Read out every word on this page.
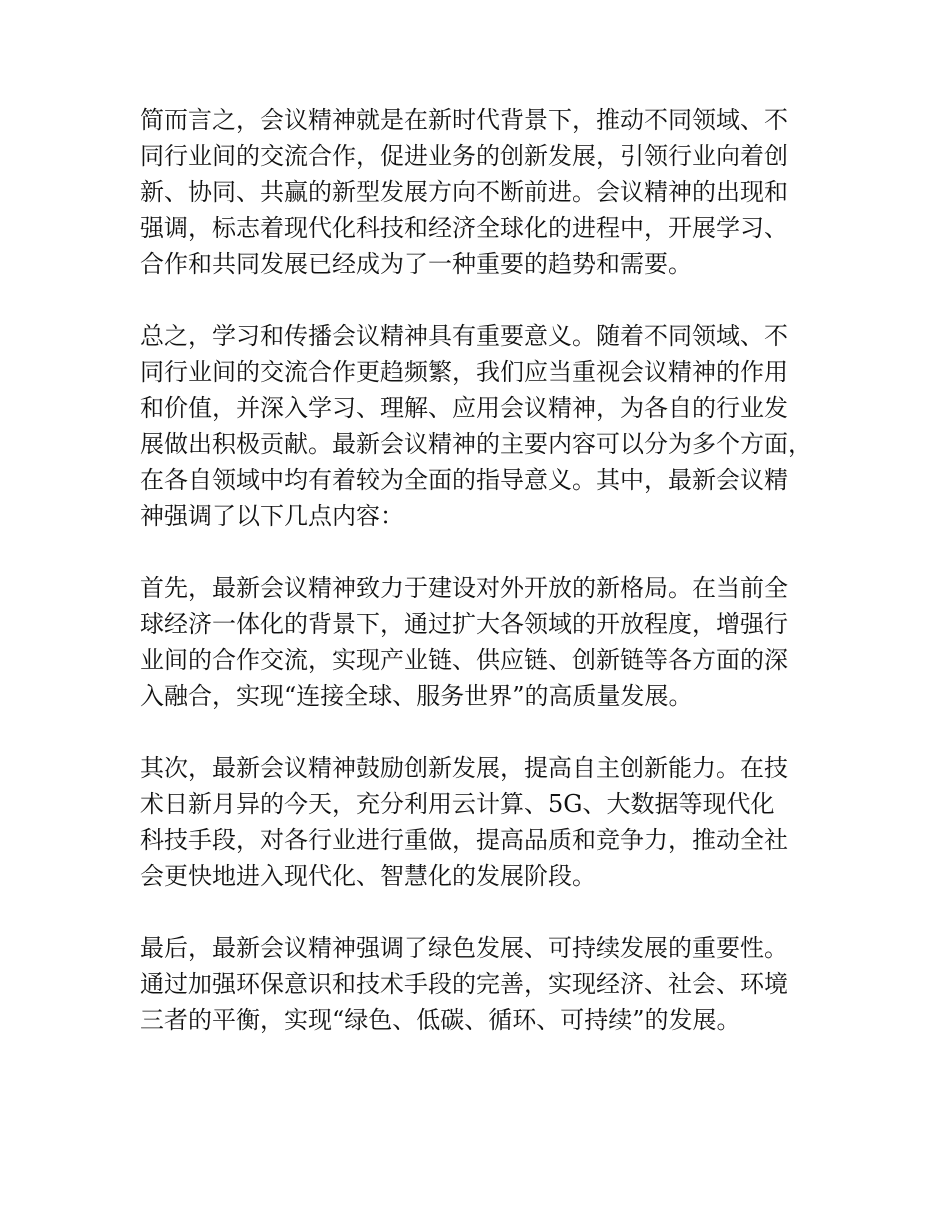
简而言之，会议精神就是在新时代背景下，推动不同领域、不
同行业间的交流合作，促进业务的创新发展，引领行业向着创
新、协同、共赢的新型发展方向不断前进。会议精神的出现和
强调，标志着现代化科技和经济全球化的进程中，开展学习、
合作和共同发展已经成为了一种重要的趋势和需要。
总之，学习和传播会议精神具有重要意义。随着不同领域、不
同行业间的交流合作更趋频繁，我们应当重视会议精神的作用
和价值，并深入学习、理解、应用会议精神，为各自的行业发
展做出积极贡献。最新会议精神的主要内容可以分为多个方面，
在各自领域中均有着较为全面的指导意义。其中，最新会议精
神强调了以下几点内容：
首先，最新会议精神致力于建设对外开放的新格局。在当前全
球经济一体化的背景下，通过扩大各领域的开放程度，增强行
业间的合作交流，实现产业链、供应链、创新链等各方面的深
入融合，实现“连接全球、服务世界”的高质量发展。
其次，最新会议精神鼓励创新发展，提高自主创新能力。在技
术日新月异的今天，充分利用云计算、5G、大数据等现代化
科技手段，对各行业进行重做，提高品质和竞争力，推动全社
会更快地进入现代化、智慧化的发展阶段。
最后，最新会议精神强调了绿色发展、可持续发展的重要性。
通过加强环保意识和技术手段的完善，实现经济、社会、环境
三者的平衡，实现“绿色、低碳、循环、可持续”的发展。
